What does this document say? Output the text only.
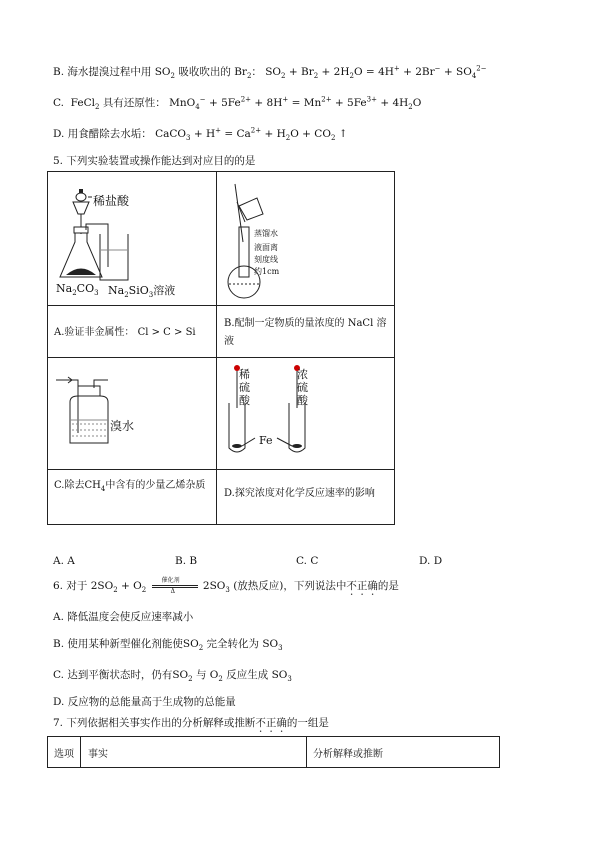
B. 海水提溴过程中用 $SO_2$ 吸收吹出的 $Br_2$： $SO_2 + Br_2 + 2H_2O = 4H^+ + 2Br^- + SO_4^{2-}$
C.  FeCl$_2$ 具有还原性： $MnO_4^- + 5Fe^{2+} + 8H^+ = Mn^{2+} + 5Fe^{3+} + 4H_2O$
D. 用食醋除去水垢： CaCO$_3$ + $H^+ = Ca^{2+} + H_2O + CO_2$ ↑
5. 下列实验装置或操作能达到对应目的的是
稀盐酸
$Na_2CO_3$ $Na_2SiO_3$溶液
A.验证非金属性： Cl > C > Si
蒸馏水
液面离
刻度线
约1cm
B.配制一定物质的量浓度的 NaCl 溶液
溴水
C.除去$CH_4$中含有的少量乙烯杂质
稀硫酸
浓硫酸
Fe
D.探究浓度对化学反应速率的影响
A. A	B. B	C. C	D. D
6. 对于 $2SO_2 + O_2$
催化剂
Δ $2SO_3$ (放热反应)，下列说法中不正确的是
A. 降低温度会使反应速率减小
B. 使用某种新型催化剂能使$SO_2$ 完全转化为 $SO_3$
C. 达到平衡状态时，仍有$SO_2$ 与 $O_2$ 反应生成 $SO_3$
D. 反应物的总能量高于生成物的总能量
7. 下列依据相关事实作出的分析解释或推断不正确的一组是
选项 事实	分析解释或推断
